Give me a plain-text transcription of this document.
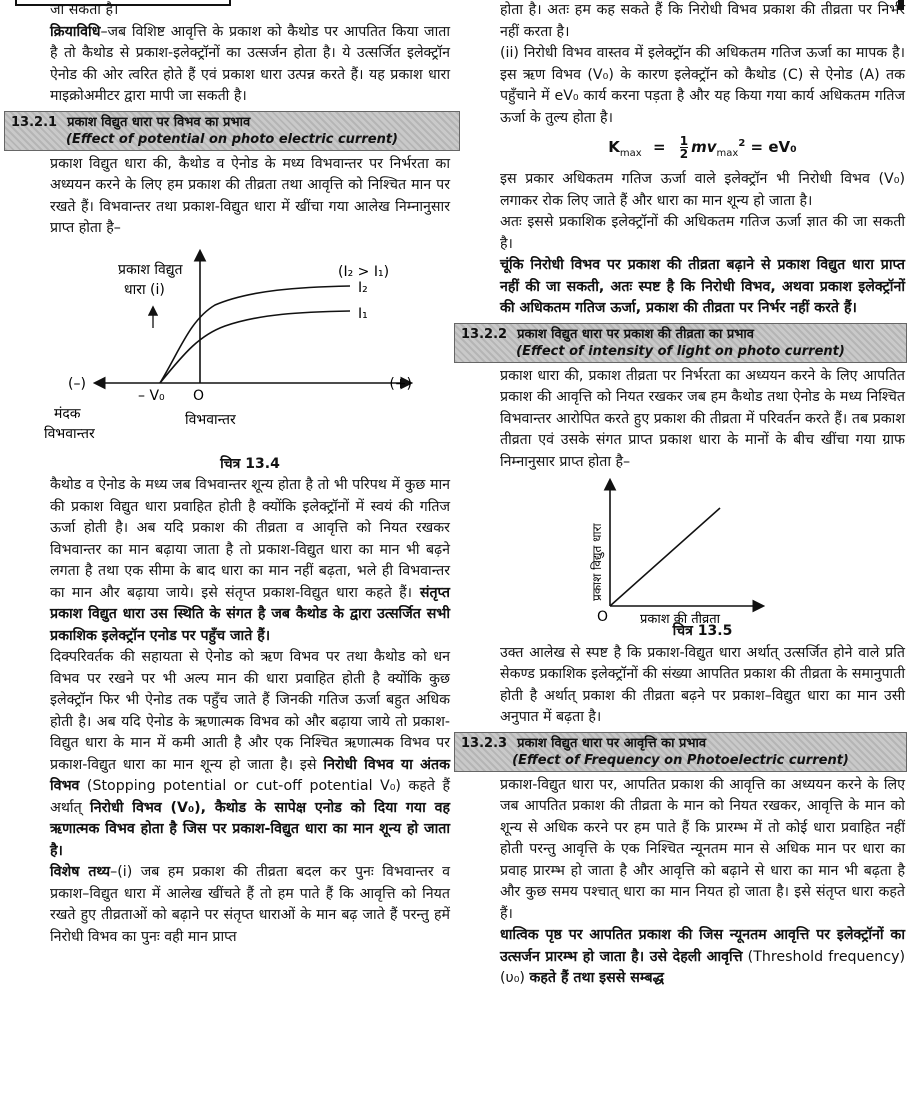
जा सकता है।

क्रियाविधि–जब विशिष्ट आवृत्ति के प्रकाश को कैथोड पर आपतित किया जाता है तो कैथोड से प्रकाश-इलेक्ट्रॉनों का उत्सर्जन होता है। ये उत्सर्जित इलेक्ट्रॉन ऐनोड की ओर त्वरित होते हैं एवं प्रकाश धारा उत्पन्न करते हैं। यह प्रकाश धारा माइक्रोअमीटर द्वारा मापी जा सकती है।

13.2.1 प्रकाश विद्युत धारा पर विभव का प्रभाव
(Effect of potential on photo electric current)

प्रकाश विद्युत धारा की, कैथोड व ऐनोड के मध्य विभवान्तर पर निर्भरता का अध्ययन करने के लिए हम प्रकाश की तीव्रता तथा आवृत्ति को निश्चित मान पर रखते हैं। विभवान्तर तथा प्रकाश-विद्युत धारा में खींचा गया आलेख निम्नानुसार प्राप्त होता है–

प्रकाश विद्युत
धारा (i)
(I₂ > I₁)
I₂
I₁
(–)	(+)
– V₀ O
विभवान्तर
मंदक
विभवान्तर

चित्र 13.4

कैथोड व ऐनोड के मध्य जब विभवान्तर शून्य होता है तो भी परिपथ में कुछ मान की प्रकाश विद्युत धारा प्रवाहित होती है क्योंकि इलेक्ट्रॉनों में स्वयं की गतिज ऊर्जा होती है। अब यदि प्रकाश की तीव्रता व आवृत्ति को नियत रखकर विभवान्तर का मान बढ़ाया जाता है तो प्रकाश-विद्युत धारा का मान भी बढ़ने लगता है तथा एक सीमा के बाद धारा का मान नहीं बढ़ता, भले ही विभवान्तर का मान और बढ़ाया जाये। इसे संतृप्त प्रकाश-विद्युत धारा कहते हैं। संतृप्त प्रकाश विद्युत धारा उस स्थिति के संगत है जब कैथोड के द्वारा उत्सर्जित सभी प्रकाशिक इलेक्ट्रॉन एनोड पर पहुँच जाते हैं।

दिक्परिवर्तक की सहायता से ऐनोड को ऋण विभव पर तथा कैथोड को धन विभव पर रखने पर भी अल्प मान की धारा प्रवाहित होती है क्योंकि कुछ इलेक्ट्रॉन फिर भी ऐनोड तक पहुँच जाते हैं जिनकी गतिज ऊर्जा बहुत अधिक होती है। अब यदि ऐनोड के ऋणात्मक विभव को और बढ़ाया जाये तो प्रकाश-विद्युत धारा के मान में कमी आती है और एक निश्चित ऋणात्मक विभव पर प्रकाश-विद्युत धारा का मान शून्य हो जाता है। इसे निरोधी विभव या अंतक विभव (Stopping potential or cut-off potential V₀) कहते हैं अर्थात् निरोधी विभव (V₀), कैथोड के सापेक्ष एनोड को दिया गया वह ऋणात्मक विभव होता है जिस पर प्रकाश-विद्युत धारा का मान शून्य हो जाता है।

विशेष तथ्य–(i) जब हम प्रकाश की तीव्रता बदल कर पुनः विभवान्तर व प्रकाश–विद्युत धारा में आलेख खींचते हैं तो हम पाते हैं कि आवृत्ति को नियत रखते हुए तीव्रताओं को बढ़ाने पर संतृप्त धाराओं के मान बढ़ जाते हैं परन्तु हमें निरोधी विभव का पुनः वही मान प्राप्त

होता है। अतः हम कह सकते हैं कि निरोधी विभव प्रकाश की तीव्रता पर निर्भर नहीं करता है।

(ii) निरोधी विभव वास्तव में इलेक्ट्रॉन की अधिकतम गतिज ऊर्जा का मापक है। इस ऋण विभव (V₀) के कारण इलेक्ट्रॉन को कैथोड (C) से ऐनोड (A) तक पहुँचाने में eV₀ कार्य करना पड़ता है और यह किया गया कार्य अधिकतम गतिज ऊर्जा के तुल्य होता है।

$K_{max} = \frac{1}{2} mv_{max}^2 = eV_0$

इस प्रकार अधिकतम गतिज ऊर्जा वाले इलेक्ट्रॉन भी निरोधी विभव (V₀) लगाकर रोक लिए जाते हैं और धारा का मान शून्य हो जाता है।

अतः इससे प्रकाशिक इलेक्ट्रॉनों की अधिकतम गतिज ऊर्जा ज्ञात की जा सकती है।

चूंकि निरोधी विभव पर प्रकाश की तीव्रता बढ़ाने से प्रकाश विद्युत धारा प्राप्त नहीं की जा सकती, अतः स्पष्ट है कि निरोधी विभव, अथवा प्रकाश इलेक्ट्रॉनों की अधिकतम गतिज ऊर्जा, प्रकाश की तीव्रता पर निर्भर नहीं करते हैं।

13.2.2 प्रकाश विद्युत धारा पर प्रकाश की तीव्रता का प्रभाव
(Effect of intensity of light on photo current)

प्रकाश धारा की, प्रकाश तीव्रता पर निर्भरता का अध्ययन करने के लिए आपतित प्रकाश की आवृत्ति को नियत रखकर जब हम कैथोड तथा ऐनोड के मध्य निश्चित विभवान्तर आरोपित करते हुए प्रकाश की तीव्रता में परिवर्तन करते हैं। तब प्रकाश तीव्रता एवं उसके संगत प्राप्त प्रकाश धारा के मानों के बीच खींचा गया ग्राफ निम्नानुसार प्राप्त होता है–

प्रकाश विद्युत धारा
O प्रकाश की तीव्रता

चित्र 13.5

उक्त आलेख से स्पष्ट है कि प्रकाश-विद्युत धारा अर्थात् उत्सर्जित होने वाले प्रति सेकण्ड प्रकाशिक इलेक्ट्रॉनों की संख्या आपतित प्रकाश की तीव्रता के समानुपाती होती है अर्थात् प्रकाश की तीव्रता बढ़ने पर प्रकाश–विद्युत धारा का मान उसी अनुपात में बढ़ता है।

13.2.3 प्रकाश विद्युत धारा पर आवृत्ति का प्रभाव
(Effect of Frequency on Photoelectric current)

प्रकाश-विद्युत धारा पर, आपतित प्रकाश की आवृत्ति का अध्ययन करने के लिए जब आपतित प्रकाश की तीव्रता के मान को नियत रखकर, आवृत्ति के मान को शून्य से अधिक करने पर हम पाते हैं कि प्रारम्भ में तो कोई धारा प्रवाहित नहीं होती परन्तु आवृत्ति के एक निश्चित न्यूनतम मान से अधिक मान पर धारा का प्रवाह प्रारम्भ हो जाता है और आवृत्ति को बढ़ाने से धारा का मान भी बढ़ता है और कुछ समय पश्चात् धारा का मान नियत हो जाता है। इसे संतृप्त धारा कहते हैं।

धात्विक पृष्ठ पर आपतित प्रकाश की जिस न्यूनतम आवृत्ति पर इलेक्ट्रॉनों का उत्सर्जन प्रारम्भ हो जाता है। उसे देहली आवृत्ति (Threshold frequency) (υ₀) कहते हैं तथा इससे सम्बद्ध
